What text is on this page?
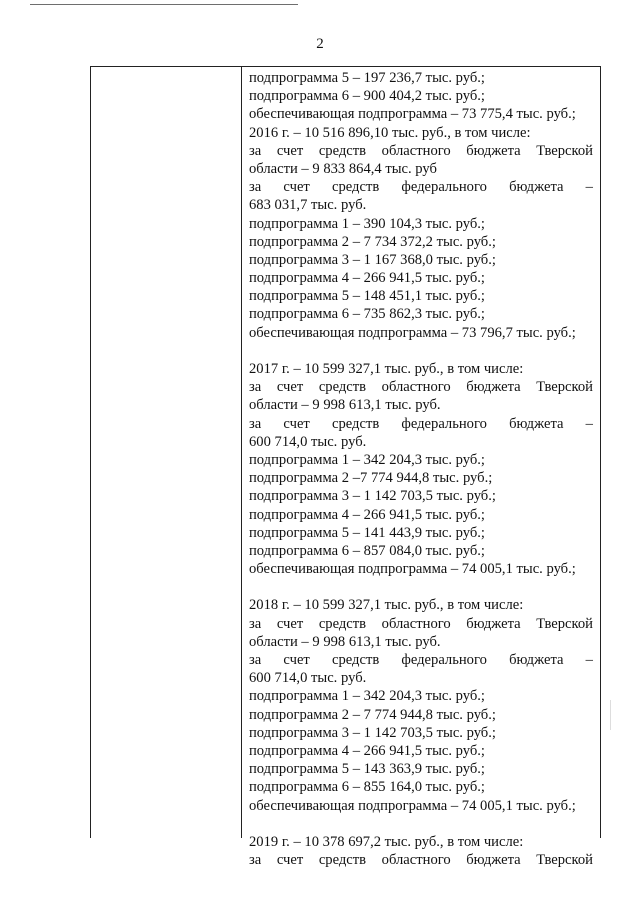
2
подпрограмма 5 – 197 236,7 тыс. руб.;
подпрограмма 6 – 900 404,2 тыс. руб.;
обеспечивающая подпрограмма – 73 775,4 тыс. руб.;
2016 г. – 10 516 896,10 тыс. руб., в том числе:
за счет средств областного бюджета Тверской
области – 9 833 864,4 тыс. руб
за счет средств федерального бюджета –
683 031,7 тыс. руб.
подпрограмма 1 – 390 104,3 тыс. руб.;
подпрограмма 2 – 7 734 372,2 тыс. руб.;
подпрограмма 3 – 1 167 368,0 тыс. руб.;
подпрограмма 4 – 266 941,5 тыс. руб.;
подпрограмма 5 – 148 451,1 тыс. руб.;
подпрограмма 6 – 735 862,3 тыс. руб.;
обеспечивающая подпрограмма – 73 796,7 тыс. руб.;
2017 г. – 10 599 327,1 тыс. руб., в том числе:
за счет средств областного бюджета Тверской
области – 9 998 613,1 тыс. руб.
за счет средств федерального бюджета –
600 714,0 тыс. руб.
подпрограмма 1 – 342 204,3 тыс. руб.;
подпрограмма 2 –7 774 944,8 тыс. руб.;
подпрограмма 3 – 1 142 703,5 тыс. руб.;
подпрограмма 4 – 266 941,5 тыс. руб.;
подпрограмма 5 – 141 443,9 тыс. руб.;
подпрограмма 6 – 857 084,0 тыс. руб.;
обеспечивающая подпрограмма – 74 005,1 тыс. руб.;
2018 г. – 10 599 327,1 тыс. руб., в том числе:
за счет средств областного бюджета Тверской
области – 9 998 613,1 тыс. руб.
за счет средств федерального бюджета –
600 714,0 тыс. руб.
подпрограмма 1 – 342 204,3 тыс. руб.;
подпрограмма 2 – 7 774 944,8 тыс. руб.;
подпрограмма 3 – 1 142 703,5 тыс. руб.;
подпрограмма 4 – 266 941,5 тыс. руб.;
подпрограмма 5 – 143 363,9 тыс. руб.;
подпрограмма 6 – 855 164,0 тыс. руб.;
обеспечивающая подпрограмма – 74 005,1 тыс. руб.;
2019 г. – 10 378 697,2 тыс. руб., в том числе:
за счет средств областного бюджета Тверской
